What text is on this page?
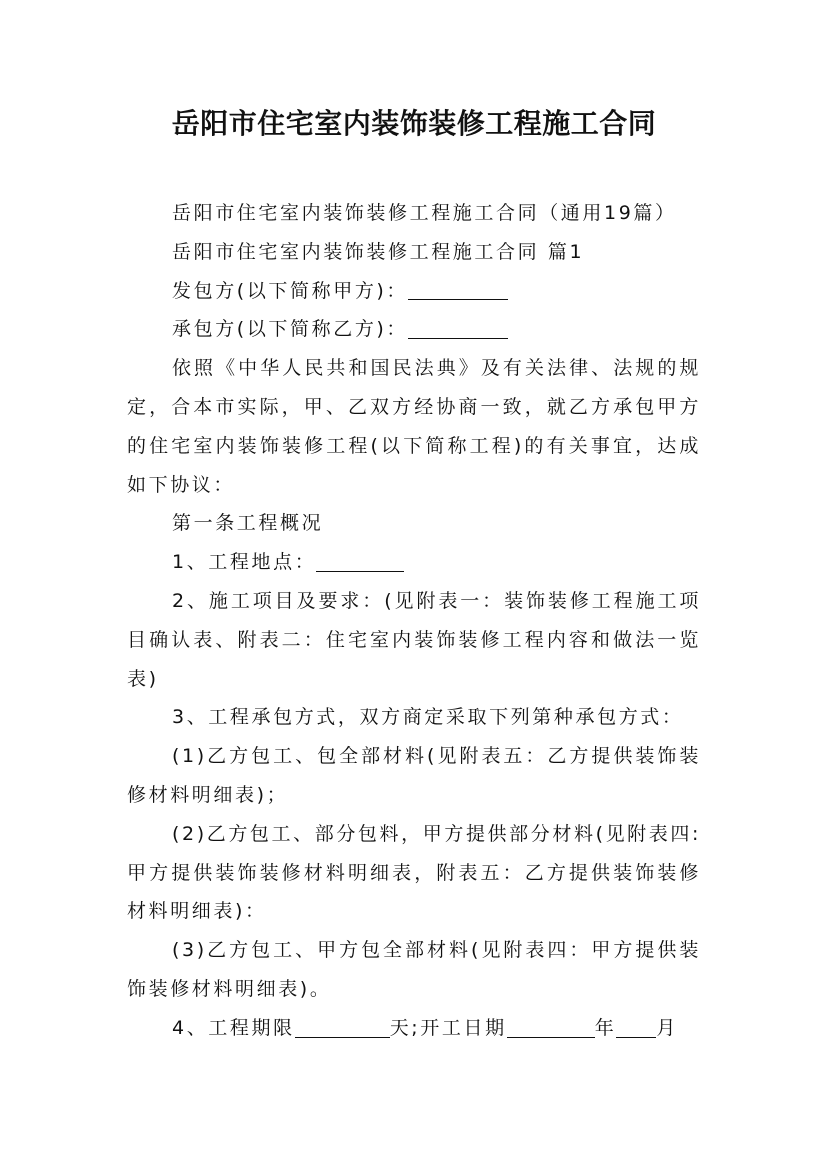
岳阳市住宅室内装饰装修工程施工合同

岳阳市住宅室内装饰装修工程施工合同（通用19篇）

岳阳市住宅室内装饰装修工程施工合同 篇1

发包方(以下简称甲方)：

承包方(以下简称乙方)：

依照《中华人民共和国民法典》及有关法律、法规的规定，合本市实际，甲、乙双方经协商一致，就乙方承包甲方的住宅室内装饰装修工程(以下简称工程)的有关事宜，达成如下协议：

第一条工程概况

1、工程地点：

2、施工项目及要求：(见附表一：装饰装修工程施工项目确认表、附表二：住宅室内装饰装修工程内容和做法一览表)

3、工程承包方式，双方商定采取下列第种承包方式：

(1)乙方包工、包全部材料(见附表五：乙方提供装饰装修材料明细表)；

(2)乙方包工、部分包料，甲方提供部分材料(见附表四:甲方提供装饰装修材料明细表，附表五：乙方提供装饰装修材料明细表)：

(3)乙方包工、甲方包全部材料(见附表四：甲方提供装饰装修材料明细表)。

4、工程期限	天;开工日期	年 月
